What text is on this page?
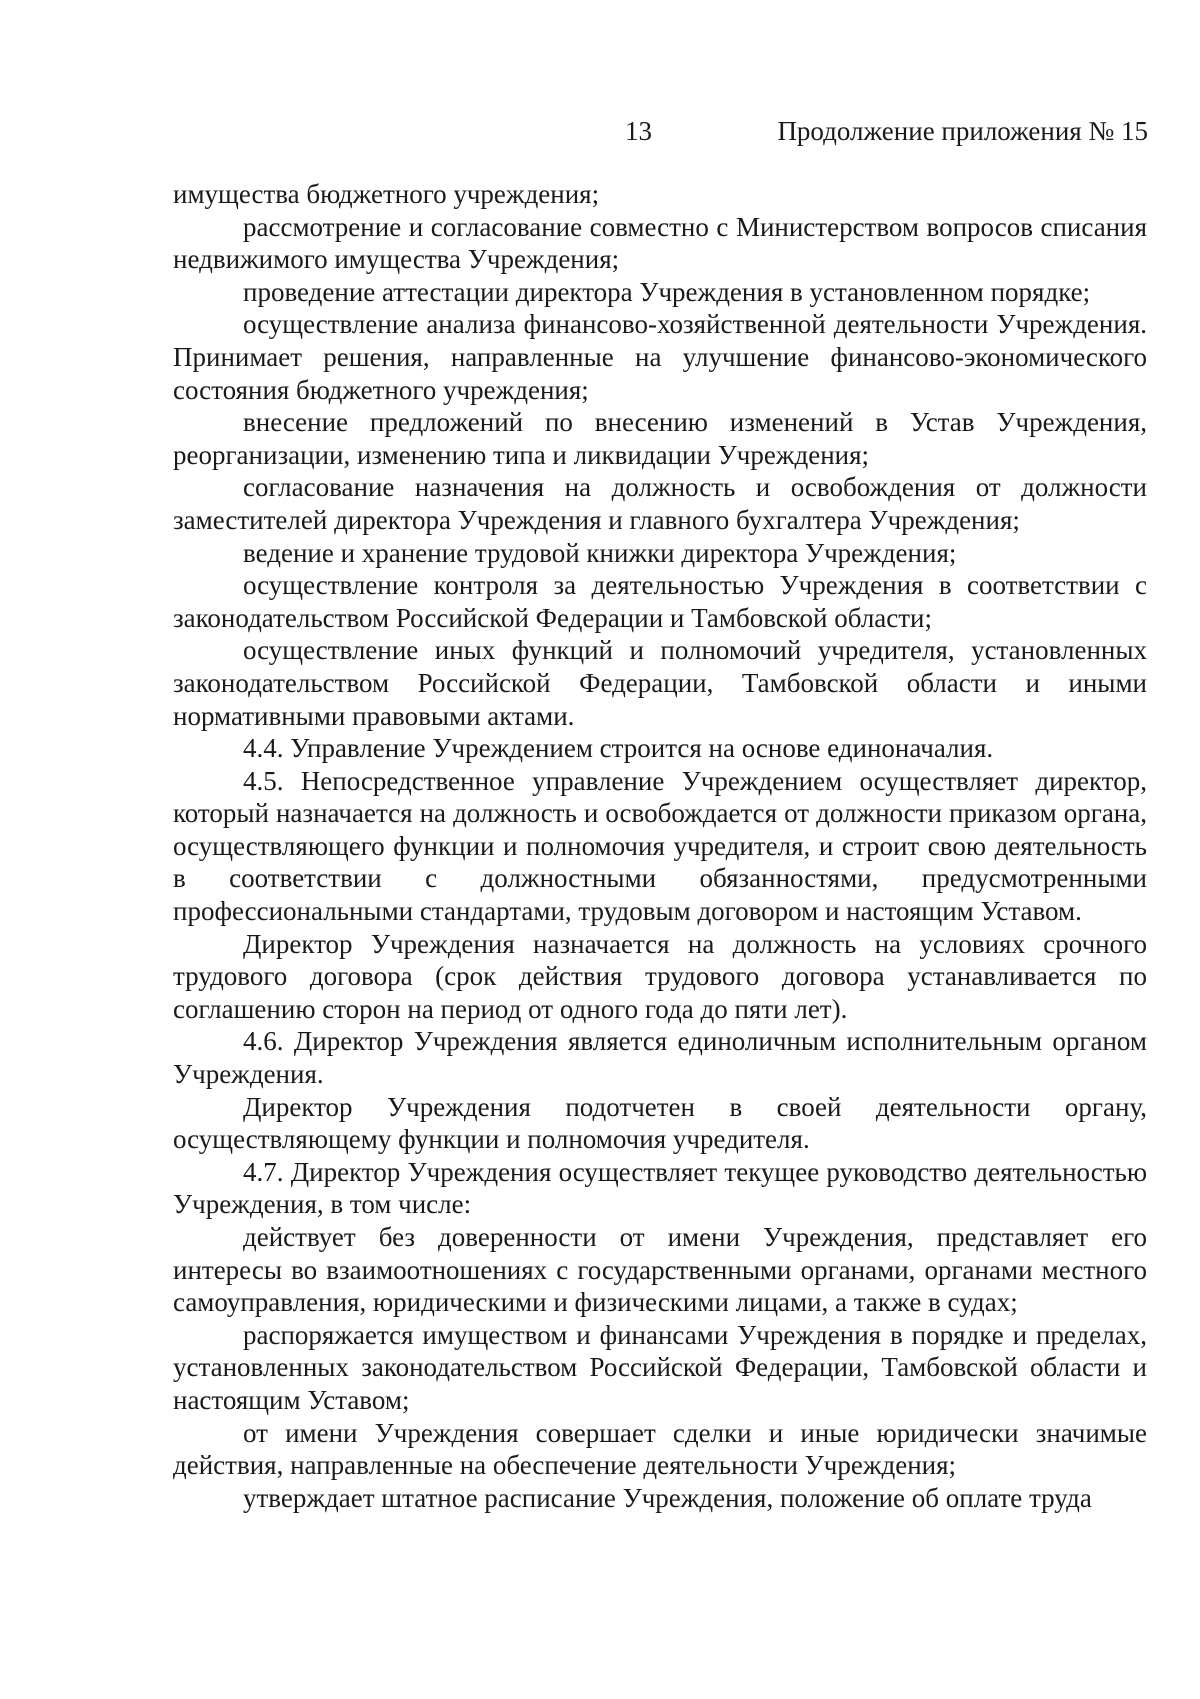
13	Продолжение приложения № 15

имущества бюджетного учреждения;

рассмотрение и согласование совместно с Министерством вопросов списания недвижимого имущества Учреждения;

проведение аттестации директора Учреждения в установленном порядке;

осуществление анализа финансово-хозяйственной деятельности Учреждения. Принимает решения, направленные на улучшение финансово-экономического состояния бюджетного учреждения;

внесение предложений по внесению изменений в Устав Учреждения, реорганизации, изменению типа и ликвидации Учреждения;

согласование назначения на должность и освобождения от должности заместителей директора Учреждения и главного бухгалтера Учреждения;

ведение и хранение трудовой книжки директора Учреждения;

осуществление контроля за деятельностью Учреждения в соответствии с законодательством Российской Федерации и Тамбовской области;

осуществление иных функций и полномочий учредителя, установленных законодательством Российской Федерации, Тамбовской области и иными нормативными правовыми актами.

4.4. Управление Учреждением строится на основе единоначалия.

4.5. Непосредственное управление Учреждением осуществляет директор, который назначается на должность и освобождается от должности приказом органа, осуществляющего функции и полномочия учредителя, и строит свою деятельность в соответствии с должностными обязанностями, предусмотренными профессиональными стандартами, трудовым договором и настоящим Уставом.

Директор Учреждения назначается на должность на условиях срочного трудового договора (срок действия трудового договора устанавливается по соглашению сторон на период от одного года до пяти лет).

4.6. Директор Учреждения является единоличным исполнительным органом Учреждения.

Директор Учреждения подотчетен в своей деятельности органу, осуществляющему функции и полномочия учредителя.

4.7. Директор Учреждения осуществляет текущее руководство деятельностью Учреждения, в том числе:

действует без доверенности от имени Учреждения, представляет его интересы во взаимоотношениях с государственными органами, органами местного самоуправления, юридическими и физическими лицами, а также в судах;

распоряжается имуществом и финансами Учреждения в порядке и пределах, установленных законодательством Российской Федерации, Тамбовской области и настоящим Уставом;

от имени Учреждения совершает сделки и иные юридически значимые действия, направленные на обеспечение деятельности Учреждения;

утверждает штатное расписание Учреждения, положение об оплате труда
